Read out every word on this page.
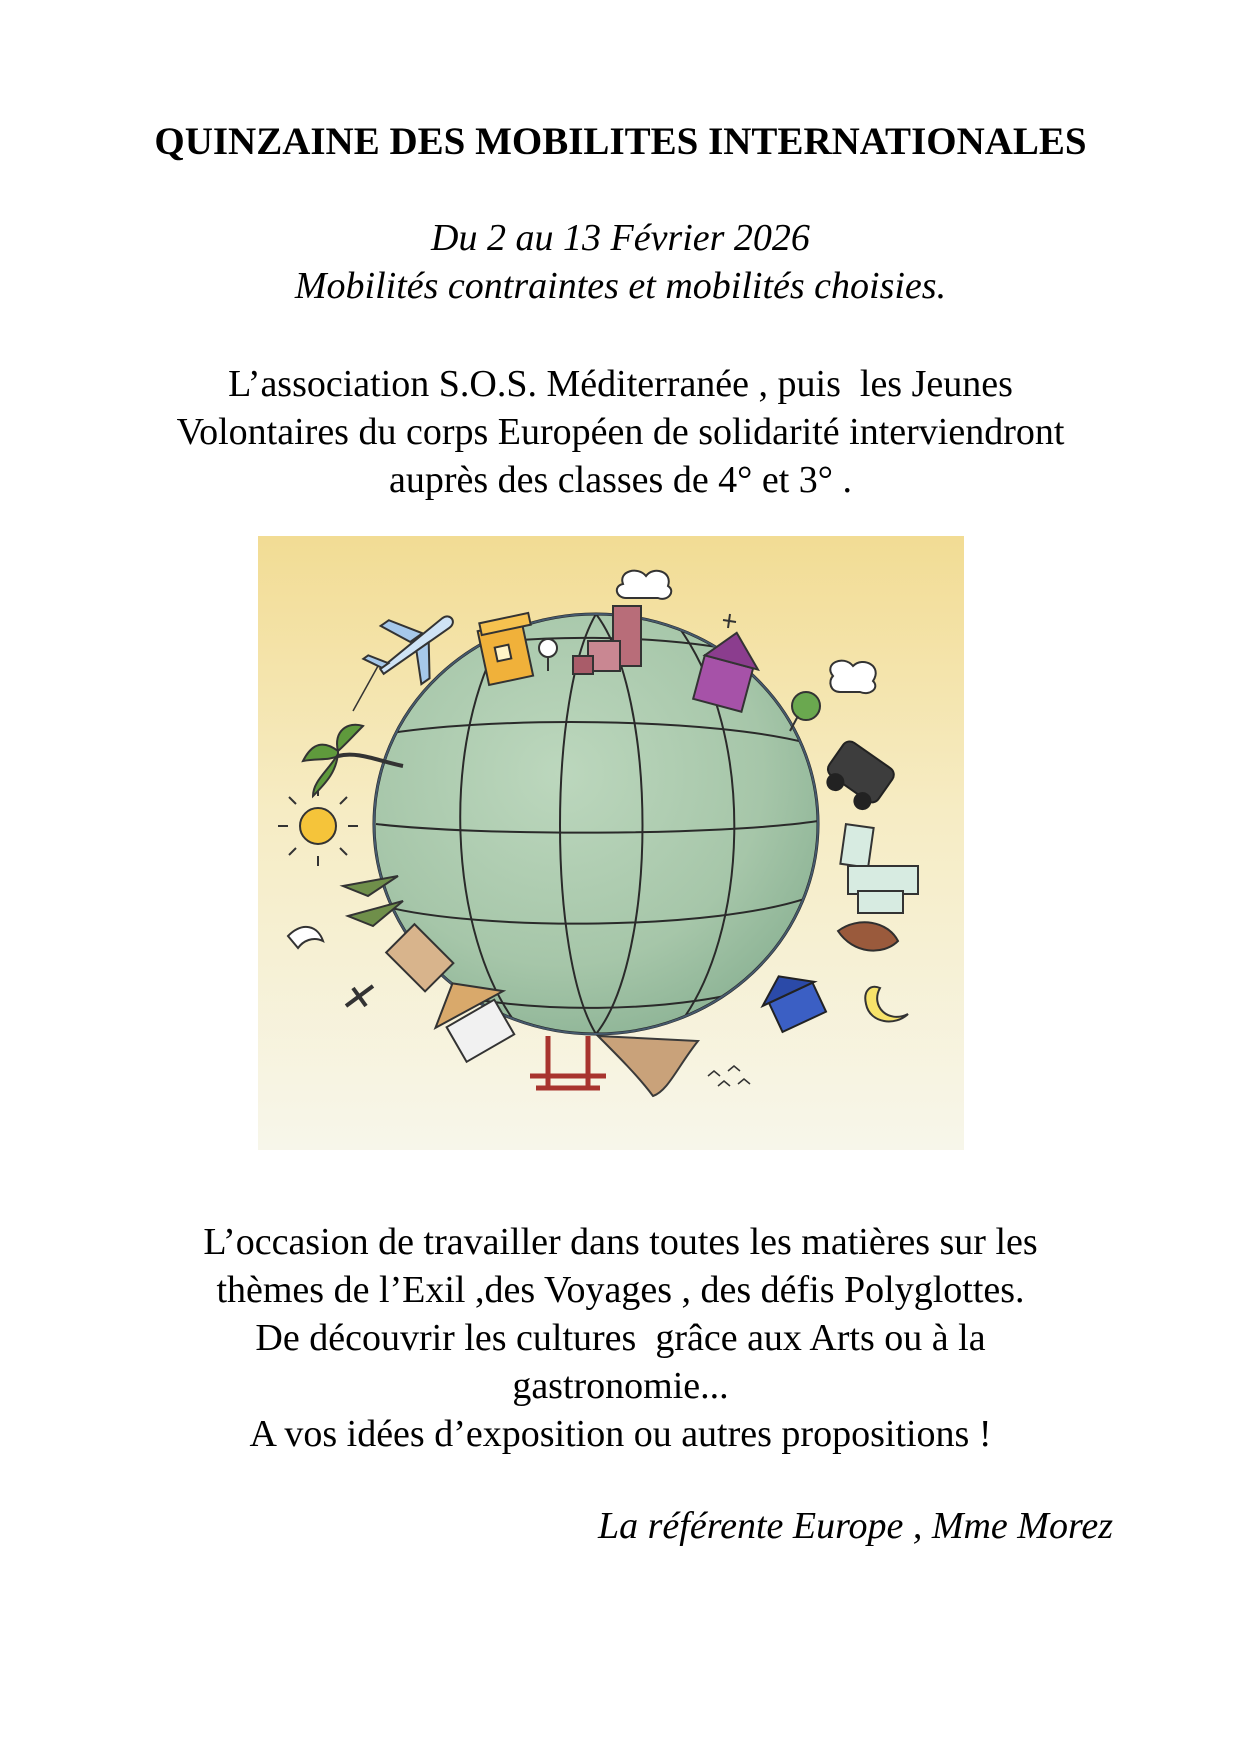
QUINZAINE DES MOBILITES INTERNATIONALES
Du 2 au 13 Février 2026
Mobilités contraintes et mobilités choisies.
L’association S.O.S. Méditerranée , puis  les Jeunes
Volontaires du corps Européen de solidarité interviendront
auprès des classes de 4° et 3° .
L’occasion de travailler dans toutes les matières sur les
thèmes de l’Exil ,des Voyages , des défis Polyglottes.
De découvrir les cultures  grâce aux Arts ou à la
gastronomie...
A vos idées d’exposition ou autres propositions !
La référente Europe , Mme Morez
